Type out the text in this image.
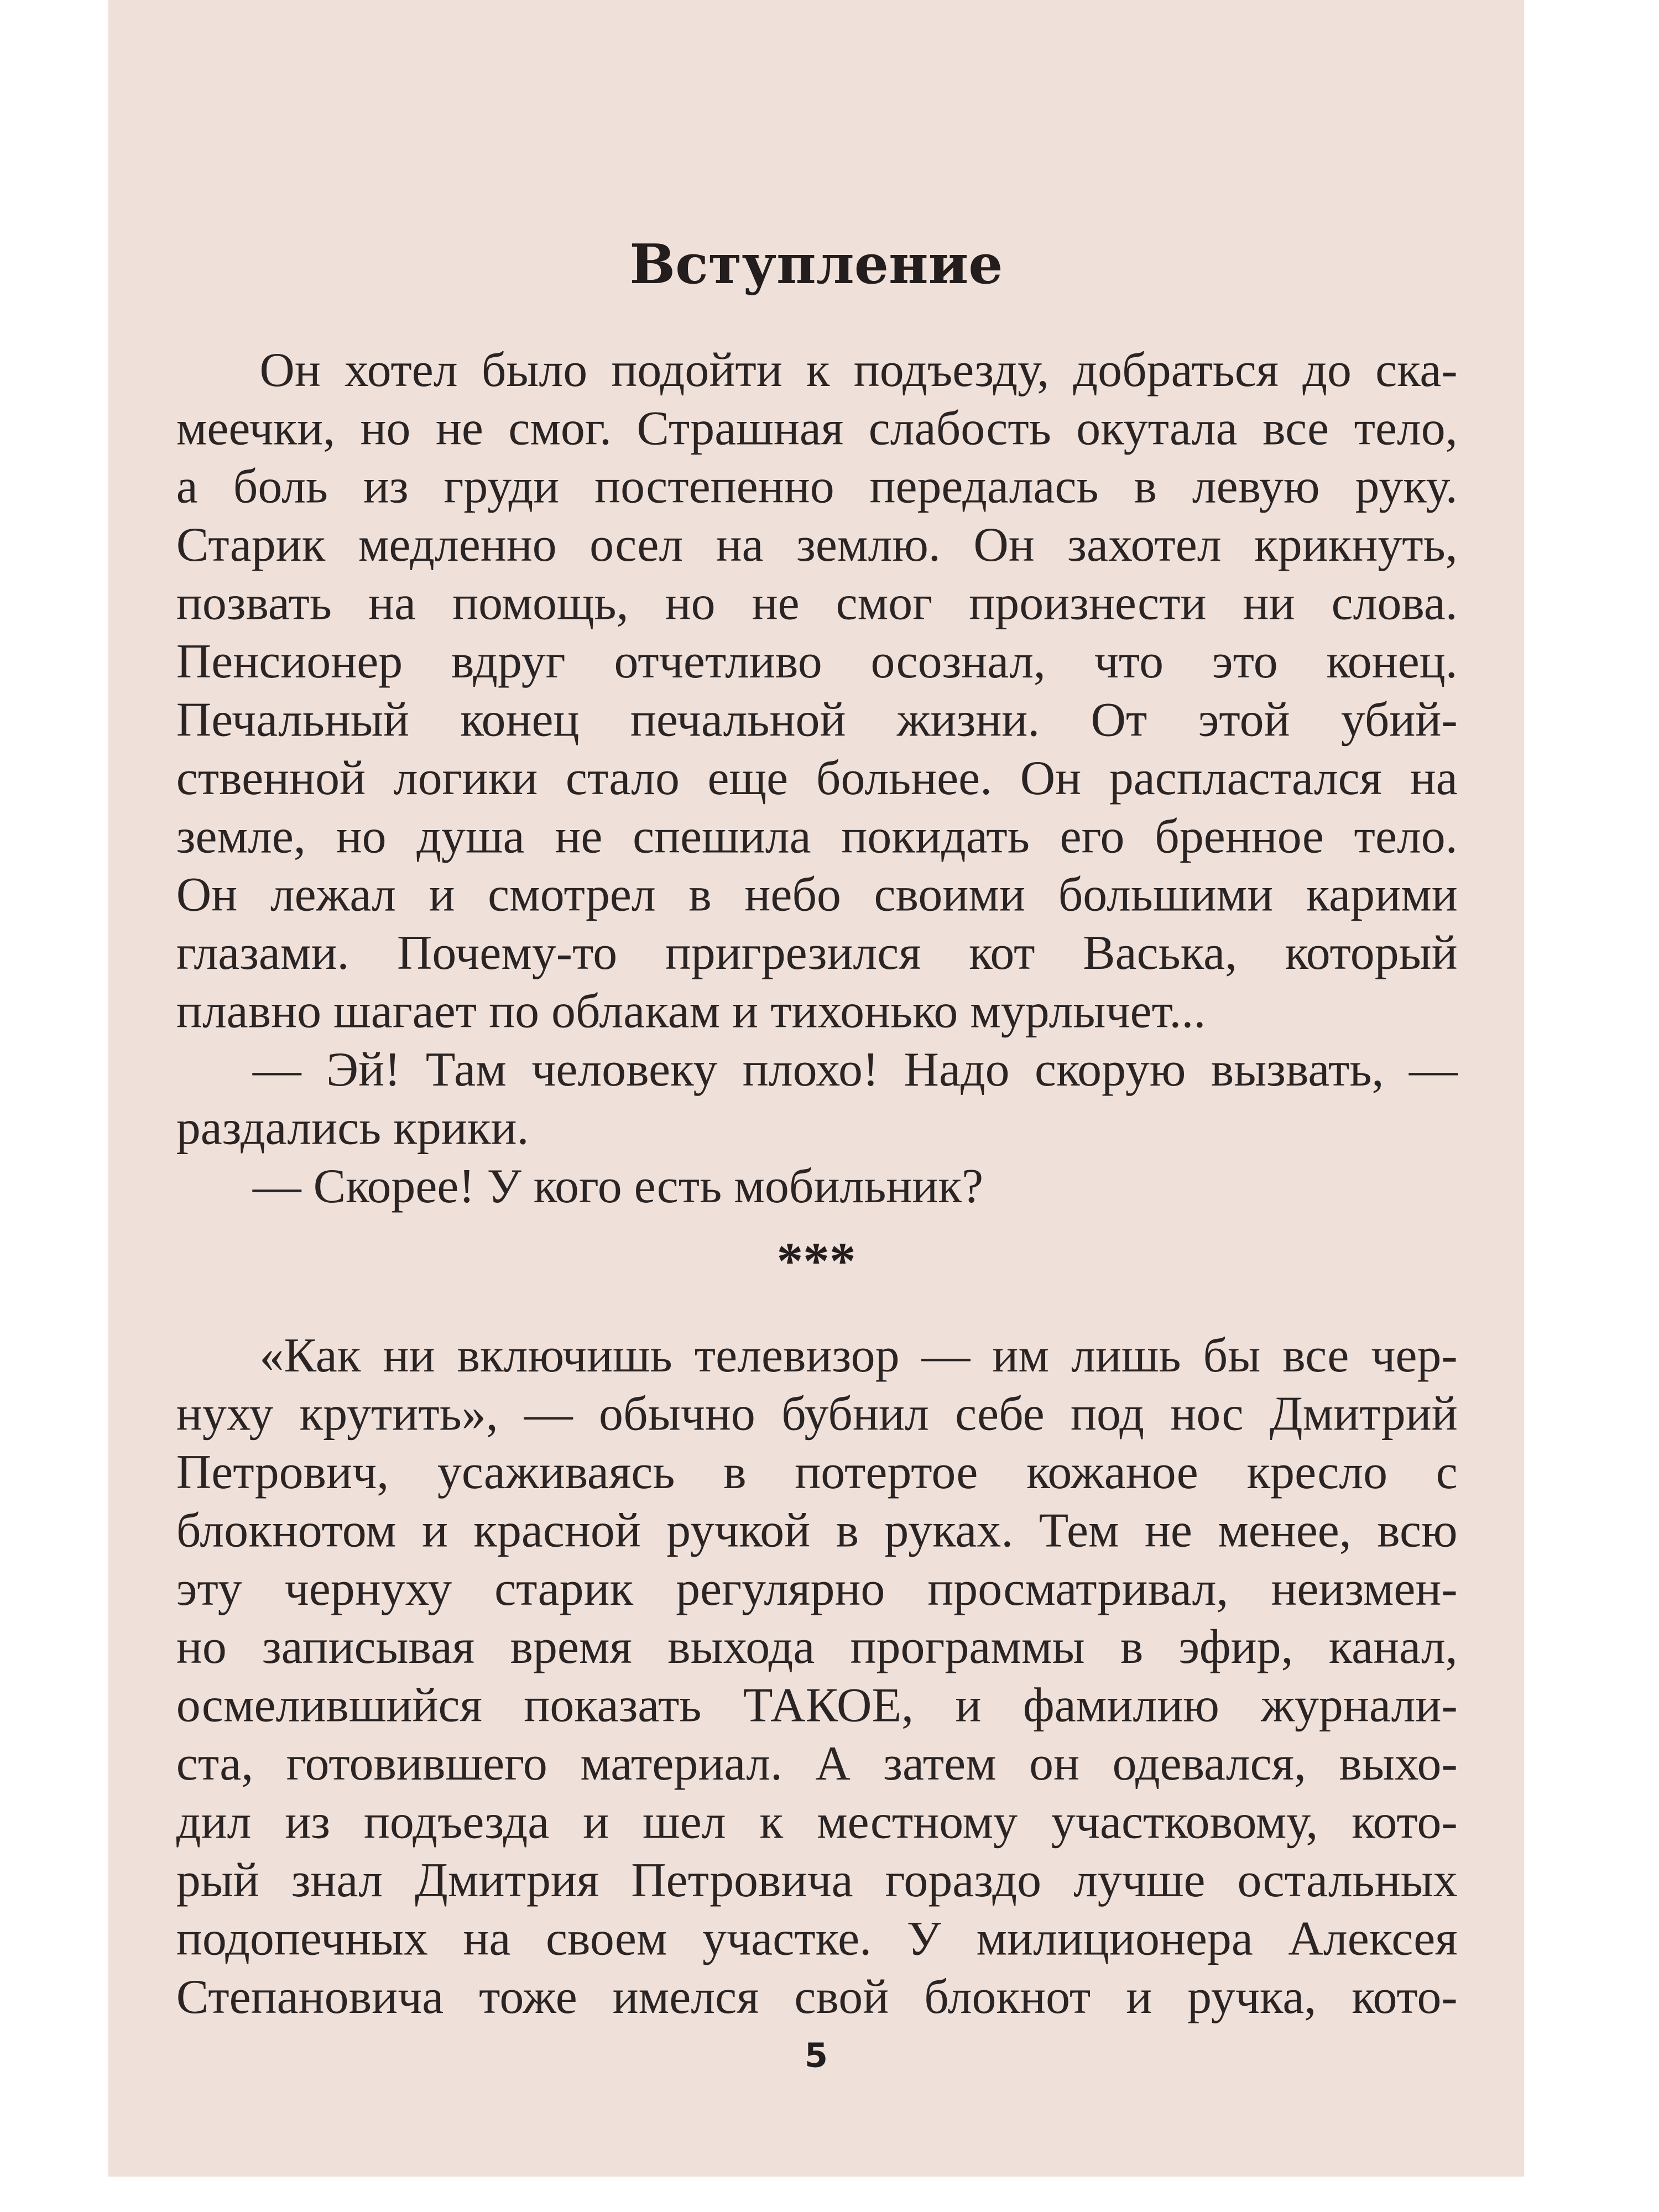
Вступление
Он хотел было подойти к подъезду, добраться до ска-
меечки, но не смог. Страшная слабость окутала все тело,
а боль из груди постепенно передалась в левую руку.
Старик медленно осел на землю. Он захотел крикнуть,
позвать на помощь, но не смог произнести ни слова.
Пенсионер вдруг отчетливо осознал, что это конец.
Печальный конец печальной жизни. От этой убий-
ственной логики стало еще больнее. Он распластался на
земле, но душа не спешила покидать его бренное тело.
Он лежал и смотрел в небо своими большими карими
глазами. Почему-то пригрезился кот Васька, который
плавно шагает по облакам и тихонько мурлычет...
— Эй! Там человеку плохо! Надо скорую вызвать, —
раздались крики.
— Скорее! У кого есть мобильник?
***
«Как ни включишь телевизор — им лишь бы все чер-
нуху крутить», — обычно бубнил себе под нос Дмитрий
Петрович, усаживаясь в потертое кожаное кресло с
блокнотом и красной ручкой в руках. Тем не менее, всю
эту чернуху старик регулярно просматривал, неизмен-
но записывая время выхода программы в эфир, канал,
осмелившийся показать ТАКОЕ, и фамилию журнали-
ста, готовившего материал. А затем он одевался, выхо-
дил из подъезда и шел к местному участковому, кото-
рый знал Дмитрия Петровича гораздо лучше остальных
подопечных на своем участке. У милиционера Алексея
Степановича тоже имелся свой блокнот и ручка, кото-
5
